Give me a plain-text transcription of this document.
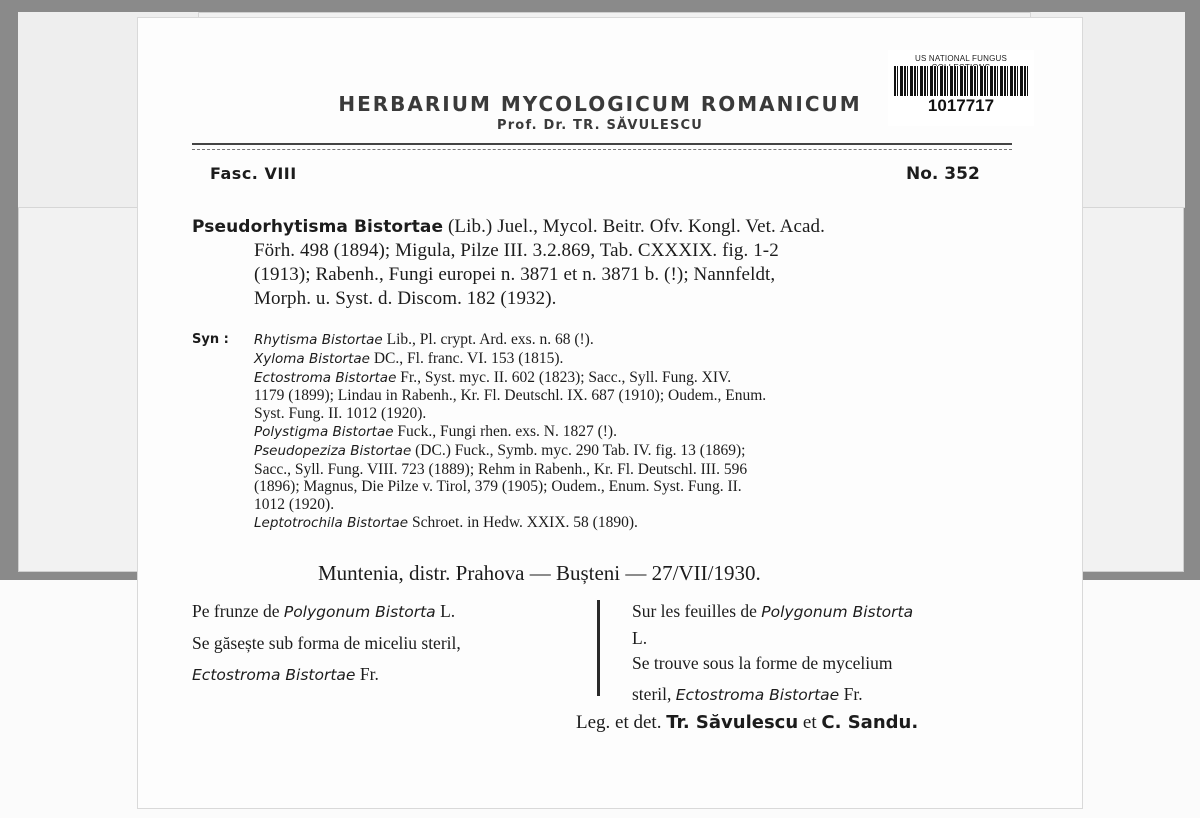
US NATIONAL FUNGUS
1017717
HERBARIUM MYCOLOGICUM ROMANICUM
Prof. Dr. TR. SĂVULESCU
Fasc. VIII	No. 352
Pseudorhytisma Bistortae (Lib.) Juel., Mycol. Beitr. Ofv. Kongl. Vet. Acad.
Förh. 498 (1894); Migula, Pilze III. 3.2.869, Tab. CXXXIX. fig. 1-2
(1913); Rabenh., Fungi europei n. 3871 et n. 3871 b. (!); Nannfeldt,
Morph. u. Syst. d. Discom. 182 (1932).
Syn : Rhytisma Bistortae Lib., Pl. crypt. Ard. exs. n. 68 (!).
Xyloma Bistortae DC., Fl. franc. VI. 153 (1815).
Ectostroma Bistortae Fr., Syst. myc. II. 602 (1823); Sacc., Syll. Fung. XIV.
1179 (1899); Lindau in Rabenh., Kr. Fl. Deutschl. IX. 687 (1910); Oudem., Enum.
Syst. Fung. II. 1012 (1920).
Polystigma Bistortae Fuck., Fungi rhen. exs. N. 1827 (!).
Pseudopeziza Bistortae (DC.) Fuck., Symb. myc. 290 Tab. IV. fig. 13 (1869);
Sacc., Syll. Fung. VIII. 723 (1889); Rehm in Rabenh., Kr. Fl. Deutschl. III. 596
(1896); Magnus, Die Pilze v. Tirol, 379 (1905); Oudem., Enum. Syst. Fung. II.
1012 (1920).
Leptotrochila Bistortae Schroet. in Hedw. XXIX. 58 (1890).
Muntenia, distr. Prahova — Bușteni — 27/VII/1930.
Pe frunze de Polygonum Bistorta L.
Se găsește sub forma de miceliu steril,
Ectostroma Bistortae Fr.
Sur les feuilles de Polygonum Bistorta
L.
Se trouve sous la forme de mycelium
steril, Ectostroma Bistortae Fr.
Leg. et det. Tr. Săvulescu et C. Sandu.
